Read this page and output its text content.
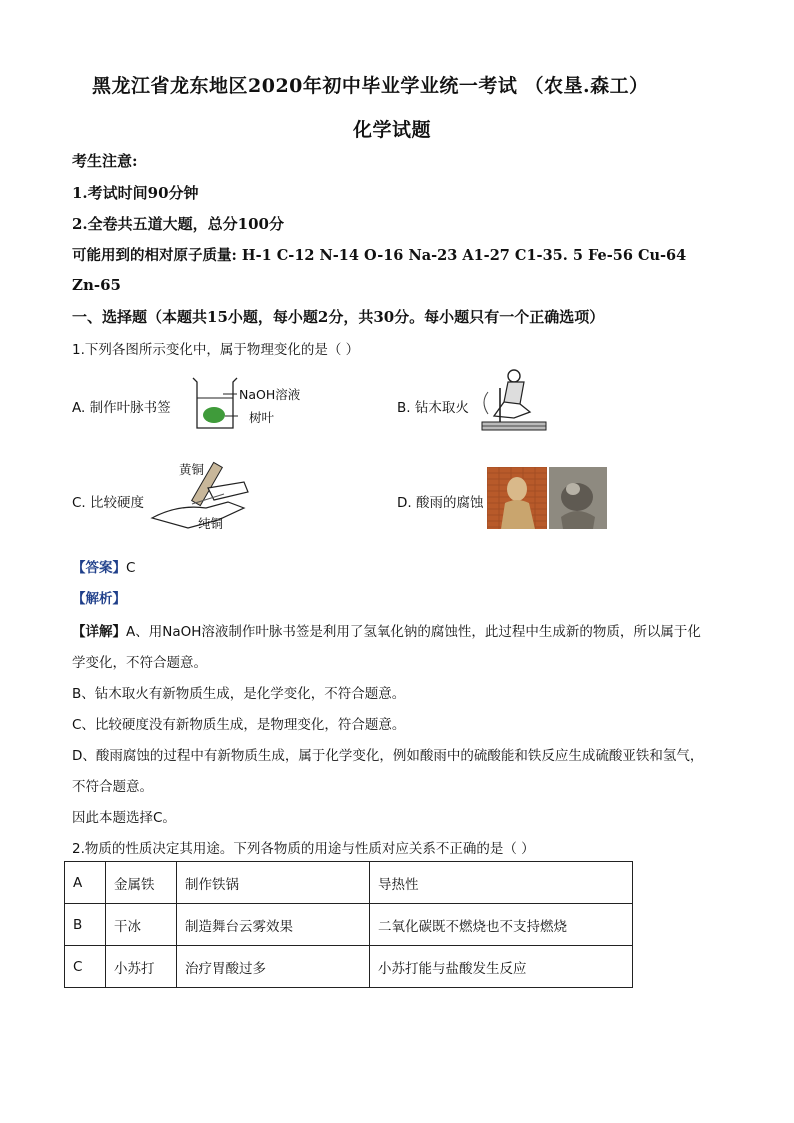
黑龙江省龙东地区2020年初中毕业学业统一考试 （农垦.森工）
化学试题
考生注意:
1.考试时间90分钟
2.全卷共五道大题，总分100分
可能用到的相对原子质量: H-1 C-12 N-14 O-16 Na-23 A1-27 C1-35. 5 Fe-56 Cu-64
Zn-65
一、选择题（本题共15小题，每小题2分，共30分。每小题只有一个正确选项）
1.下列各图所示变化中，属于物理变化的是（ ）
A. 制作叶脉书签
NaOH溶液
树叶
B. 钻木取火
C. 比较硬度
黄铜
纯铜
D. 酸雨的腐蚀
【答案】C
【解析】
【详解】A、用NaOH溶液制作叶脉书签是利用了氢氧化钠的腐蚀性，此过程中生成新的物质，所以属于化
学变化，不符合题意。
B、钻木取火有新物质生成，是化学变化，不符合题意。
C、比较硬度没有新物质生成，是物理变化，符合题意。
D、酸雨腐蚀的过程中有新物质生成，属于化学变化，例如酸雨中的硫酸能和铁反应生成硫酸亚铁和氢气，
不符合题意。
因此本题选择C。
2.物质的性质决定其用途。下列各物质的用途与性质对应关系不正确的是（ ）
A	金属铁	制作铁锅	导热性
B	干冰	制造舞台云雾效果	二氧化碳既不燃烧也不支持燃烧
C	小苏打	治疗胃酸过多	小苏打能与盐酸发生反应
